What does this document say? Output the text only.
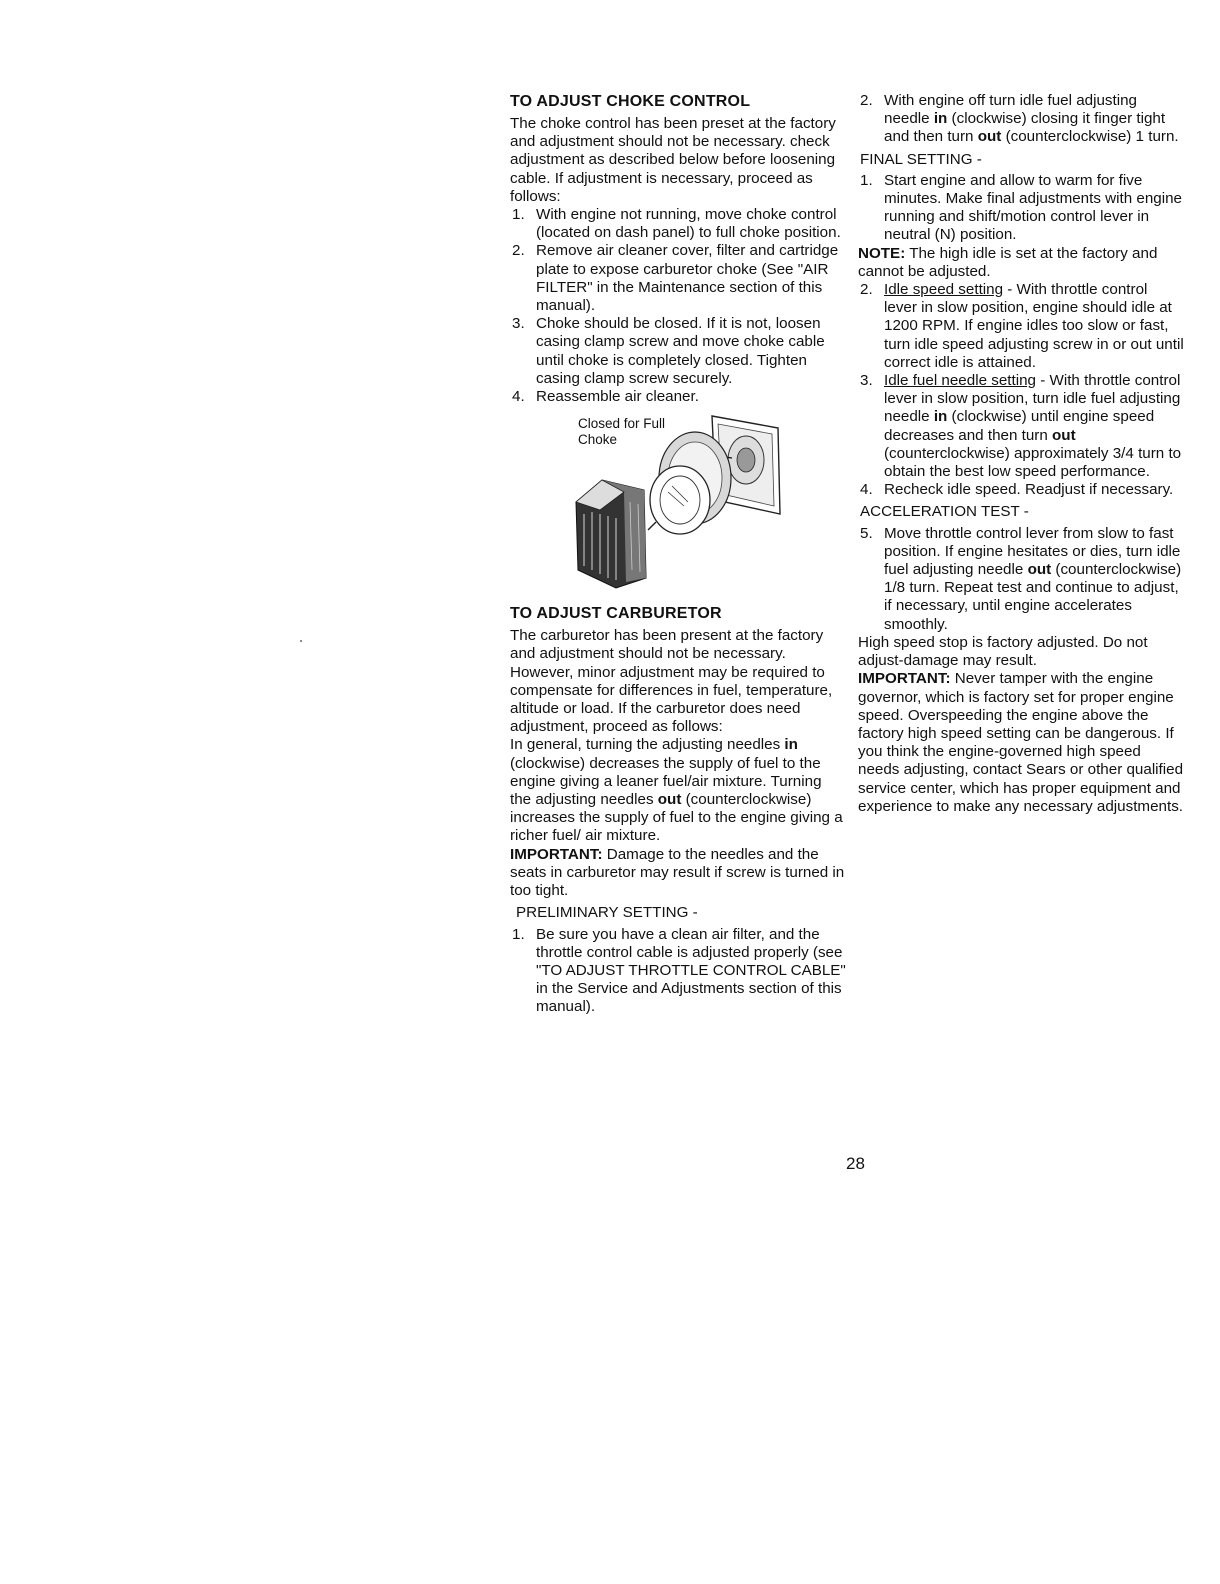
TO ADJUST CHOKE CONTROL

The choke control has been preset at the factory and adjustment should not be necessary. check adjustment as described below before loosening cable. If adjustment is necessary, proceed as follows:

1. With engine not running, move choke control (located on dash panel) to full choke position.
2. Remove air cleaner cover, filter and cartridge plate to expose carburetor choke (See "AIR FILTER" in the Maintenance section of this manual).
3. Choke should be closed. If it is not, loosen casing clamp screw and move choke cable until choke is completely closed. Tighten casing clamp screw securely.
4. Reassemble air cleaner.
Closed for Full
Choke
TO ADJUST CARBURETOR

The carburetor has been present at the factory and adjustment should not be necessary. However, minor adjustment may be required to compensate for differences in fuel, temperature, altitude or load. If the carburetor does need adjustment, proceed as follows:

In general, turning the adjusting needles in (clockwise) decreases the supply of fuel to the engine giving a leaner fuel/air mixture. Turning the adjusting needles out (counterclockwise) increases the supply of fuel to the engine giving a richer fuel/ air mixture.

IMPORTANT: Damage to the needles and the seats in carburetor may result if screw is turned in too tight.

PRELIMINARY SETTING -
1. Be sure you have a clean air filter, and the throttle control cable is adjusted properly (see "TO ADJUST THROTTLE CONTROL CABLE" in the Service and Adjustments section of this manual).
2. With engine off turn idle fuel adjusting needle in (clockwise) closing it finger tight and then turn out (counterclockwise) 1 turn.
FINAL SETTING -
1. Start engine and allow to warm for five minutes. Make final adjustments with engine running and shift/motion control lever in neutral (N) position.

NOTE: The high idle is set at the factory and cannot be adjusted.

2. Idle speed setting - With throttle control lever in slow position, engine should idle at 1200 RPM. If engine idles too slow or fast, turn idle speed adjusting screw in or out until correct idle is attained.
3. Idle fuel needle setting - With throttle control lever in slow position, turn idle fuel adjusting needle in (clockwise) until engine speed decreases and then turn out (counterclockwise) approximately 3/4 turn to obtain the best low speed performance.
4. Recheck idle speed. Readjust if necessary.
ACCELERATION TEST -
5. Move throttle control lever from slow to fast position. If engine hesitates or dies, turn idle fuel adjusting needle out (counterclockwise) 1/8 turn. Repeat test and continue to adjust, if necessary, until engine accelerates smoothly.

High speed stop is factory adjusted. Do not adjust-damage may result.

IMPORTANT: Never tamper with the engine governor, which is factory set for proper engine speed. Overspeeding the engine above the factory high speed setting can be dangerous. If you think the engine-governed high speed needs adjusting, contact Sears or other qualified service center, which has proper equipment and experience to make any necessary adjustments.

28
